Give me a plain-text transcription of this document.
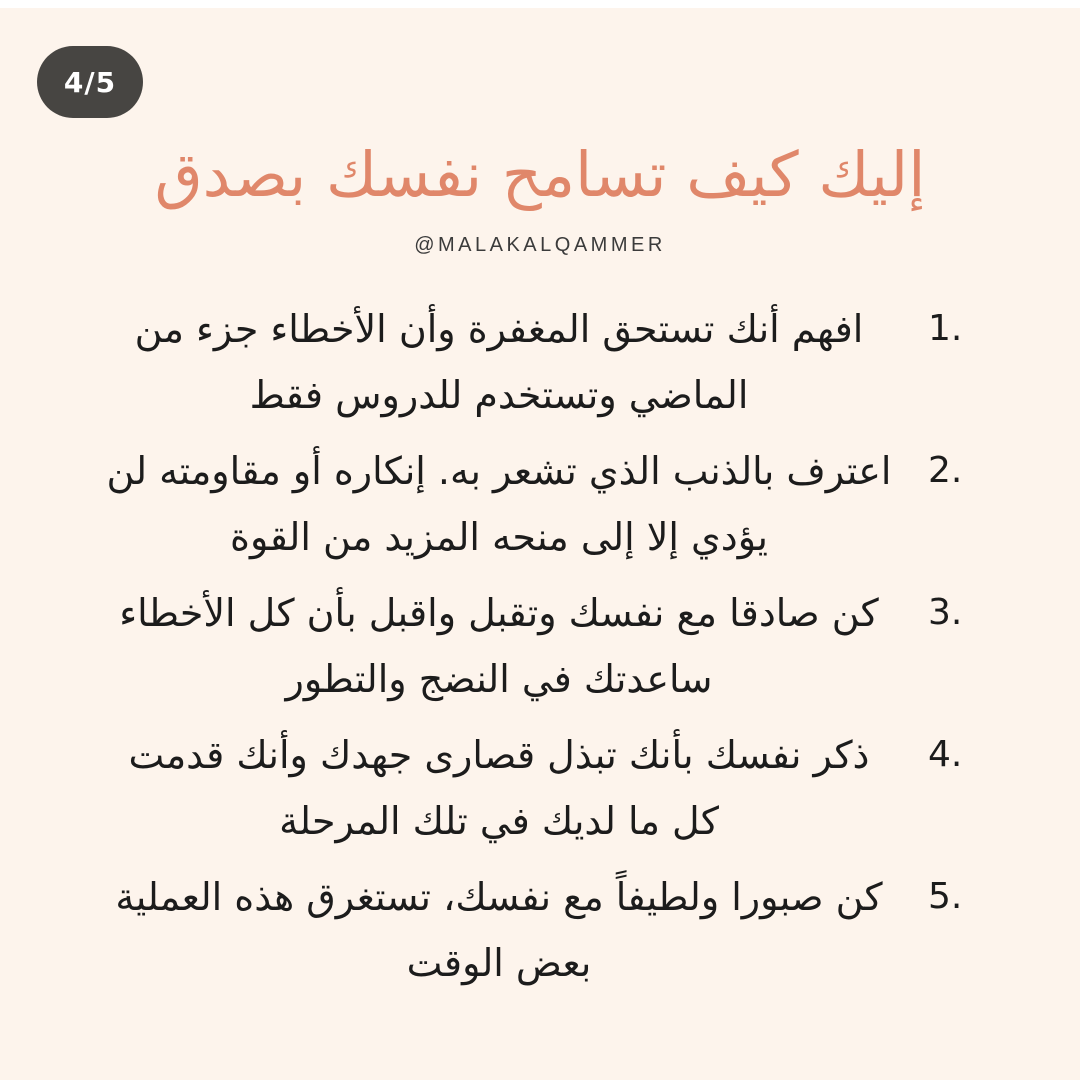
4/5
إليك كيف تسامح نفسك بصدق
@MALAKALQAMMER
1.
افهم أنك تستحق المغفرة وأن الأخطاء جزء من
الماضي وتستخدم للدروس فقط
2.
اعترف بالذنب الذي تشعر به. إنكاره أو مقاومته لن
يؤدي إلا إلى منحه المزيد من القوة
3.
كن صادقا مع نفسك وتقبل واقبل بأن كل الأخطاء
ساعدتك في النضج والتطور
4.
ذكر نفسك بأنك تبذل قصارى جهدك وأنك قدمت
كل ما لديك في تلك المرحلة
5.
كن صبورا ولطيفاً مع نفسك، تستغرق هذه العملية
بعض الوقت
